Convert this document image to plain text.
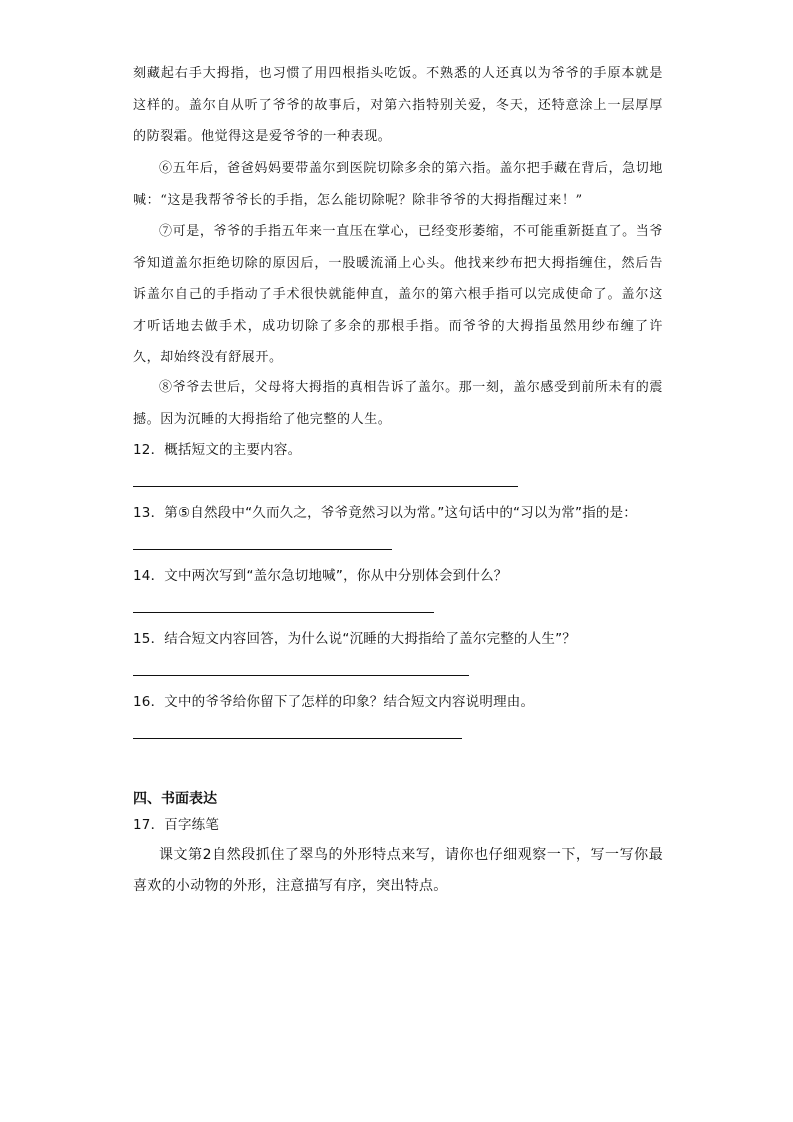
刻藏起右手大拇指，也习惯了用四根指头吃饭。不熟悉的人还真以为爷爷的手原本就是这样的。盖尔自从听了爷爷的故事后，对第六指特别关爱，冬天，还特意涂上一层厚厚的防裂霜。他觉得这是爱爷爷的一种表现。
⑥五年后，爸爸妈妈要带盖尔到医院切除多余的第六指。盖尔把手藏在背后，急切地喊：“这是我帮爷爷长的手指，怎么能切除呢？除非爷爷的大拇指醒过来！”
⑦可是，爷爷的手指五年来一直压在掌心，已经变形萎缩，不可能重新挺直了。当爷爷知道盖尔拒绝切除的原因后，一股暖流涌上心头。他找来纱布把大拇指缠住，然后告诉盖尔自己的手指动了手术很快就能伸直，盖尔的第六根手指可以完成使命了。盖尔这才听话地去做手术，成功切除了多余的那根手指。而爷爷的大拇指虽然用纱布缠了许久，却始终没有舒展开。
⑧爷爷去世后，父母将大拇指的真相告诉了盖尔。那一刻，盖尔感受到前所未有的震撼。因为沉睡的大拇指给了他完整的人生。
12．概括短文的主要内容。
13．第⑤自然段中“久而久之，爷爷竟然习以为常。”这句话中的“习以为常”指的是：
14．文中两次写到“盖尔急切地喊”，你从中分别体会到什么？
15．结合短文内容回答，为什么说“沉睡的大拇指给了盖尔完整的人生”？
16．文中的爷爷给你留下了怎样的印象？结合短文内容说明理由。
四、书面表达
17．百字练笔
课文第2自然段抓住了翠鸟的外形特点来写，请你也仔细观察一下，写一写你最喜欢的小动物的外形，注意描写有序，突出特点。
